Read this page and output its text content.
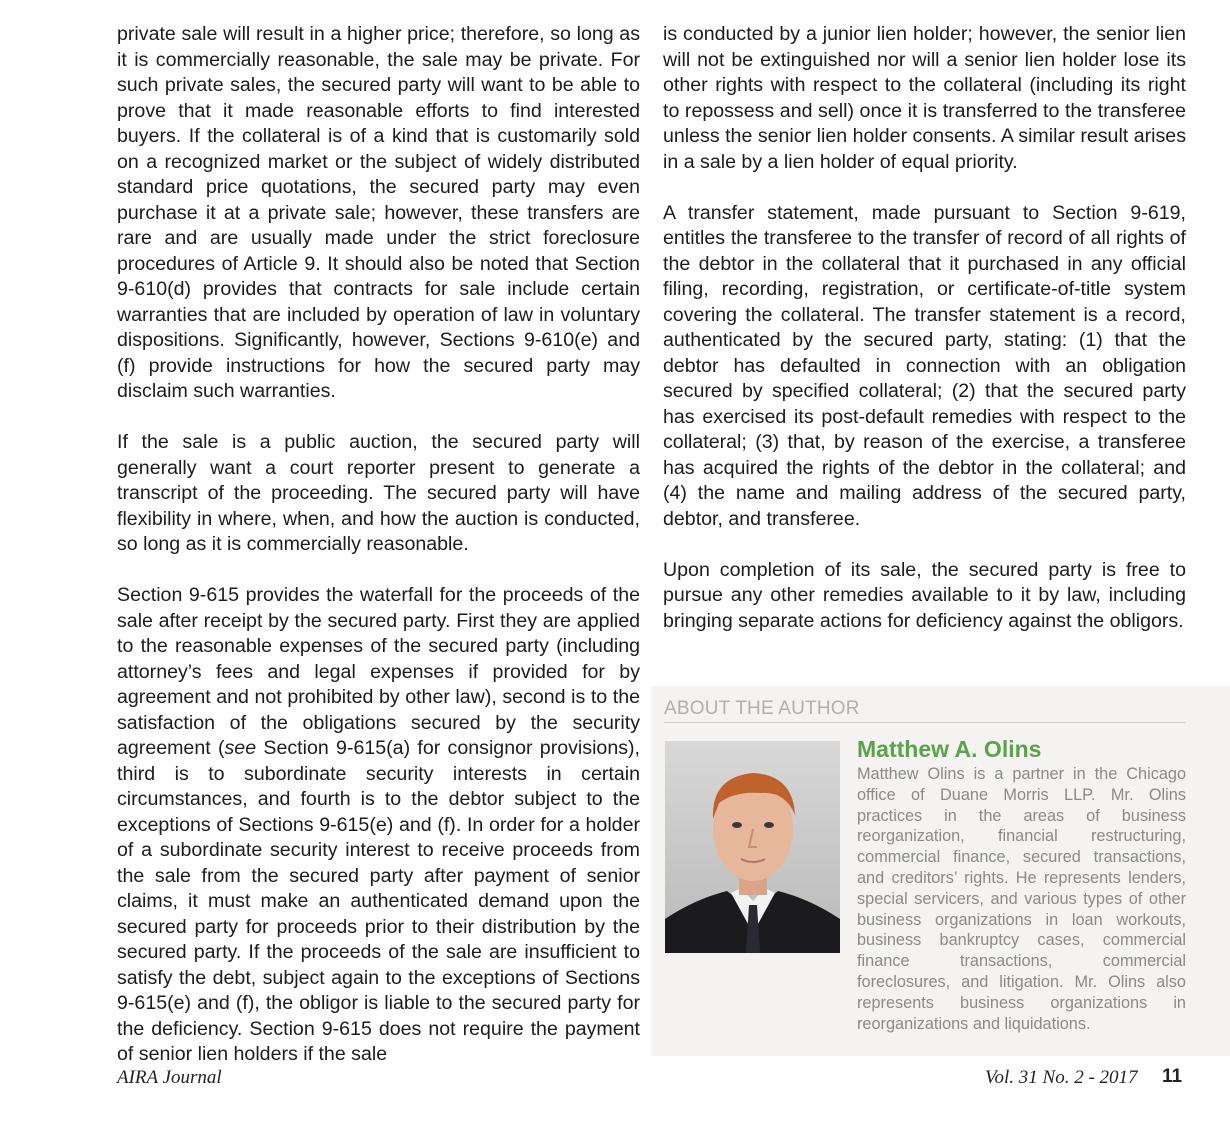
private sale will result in a higher price; therefore, so long as it is commercially reasonable, the sale may be private. For such private sales, the secured party will want to be able to prove that it made reasonable efforts to find interested buyers. If the collateral is of a kind that is customarily sold on a recognized market or the subject of widely distributed standard price quotations, the secured party may even purchase it at a private sale; however, these transfers are rare and are usually made under the strict foreclosure procedures of Article 9. It should also be noted that Section 9-610(d) provides that contracts for sale include certain warranties that are included by operation of law in voluntary dispositions. Significantly, however, Sections 9-610(e) and (f) provide instructions for how the secured party may disclaim such warranties.

If the sale is a public auction, the secured party will generally want a court reporter present to generate a transcript of the proceeding. The secured party will have flexibility in where, when, and how the auction is conducted, so long as it is commercially reasonable.

Section 9-615 provides the waterfall for the proceeds of the sale after receipt by the secured party. First they are applied to the reasonable expenses of the secured party (including attorney’s fees and legal expenses if provided for by agreement and not prohibited by other law), second is to the satisfaction of the obligations secured by the security agreement (see Section 9-615(a) for consignor provisions), third is to subordinate security interests in certain circumstances, and fourth is to the debtor subject to the exceptions of Sections 9-615(e) and (f). In order for a holder of a subordinate security interest to receive proceeds from the sale from the secured party after payment of senior claims, it must make an authenticated demand upon the secured party for proceeds prior to their distribution by the secured party. If the proceeds of the sale are insufficient to satisfy the debt, subject again to the exceptions of Sections 9-615(e) and (f), the obligor is liable to the secured party for the deficiency. Section 9-615 does not require the payment of senior lien holders if the sale

is conducted by a junior lien holder; however, the senior lien will not be extinguished nor will a senior lien holder lose its other rights with respect to the collateral (including its right to repossess and sell) once it is transferred to the transferee unless the senior lien holder consents. A similar result arises in a sale by a lien holder of equal priority.

A transfer statement, made pursuant to Section 9-619, entitles the transferee to the transfer of record of all rights of the debtor in the collateral that it purchased in any official filing, recording, registration, or certificate-of-title system covering the collateral. The transfer statement is a record, authenticated by the secured party, stating: (1) that the debtor has defaulted in connection with an obligation secured by specified collateral; (2) that the secured party has exercised its post-default remedies with respect to the collateral; (3) that, by reason of the exercise, a transferee has acquired the rights of the debtor in the collateral; and (4) the name and mailing address of the secured party, debtor, and transferee.

Upon completion of its sale, the secured party is free to pursue any other remedies available to it by law, including bringing separate actions for deficiency against the obligors.

ABOUT THE AUTHOR
Matthew A. Olins

Matthew Olins is a partner in the Chicago office of Duane Morris LLP. Mr. Olins practices in the areas of business reorganization, financial restructuring, commercial finance, secured transactions, and creditors’ rights. He represents lenders, special servicers, and various types of other business organizations in loan workouts, business bankruptcy cases, commercial finance transactions, commercial foreclosures, and litigation. Mr. Olins also represents business organizations in reorganizations and liquidations.

AIRA Journal	Vol. 31 No. 2 - 2017 11
